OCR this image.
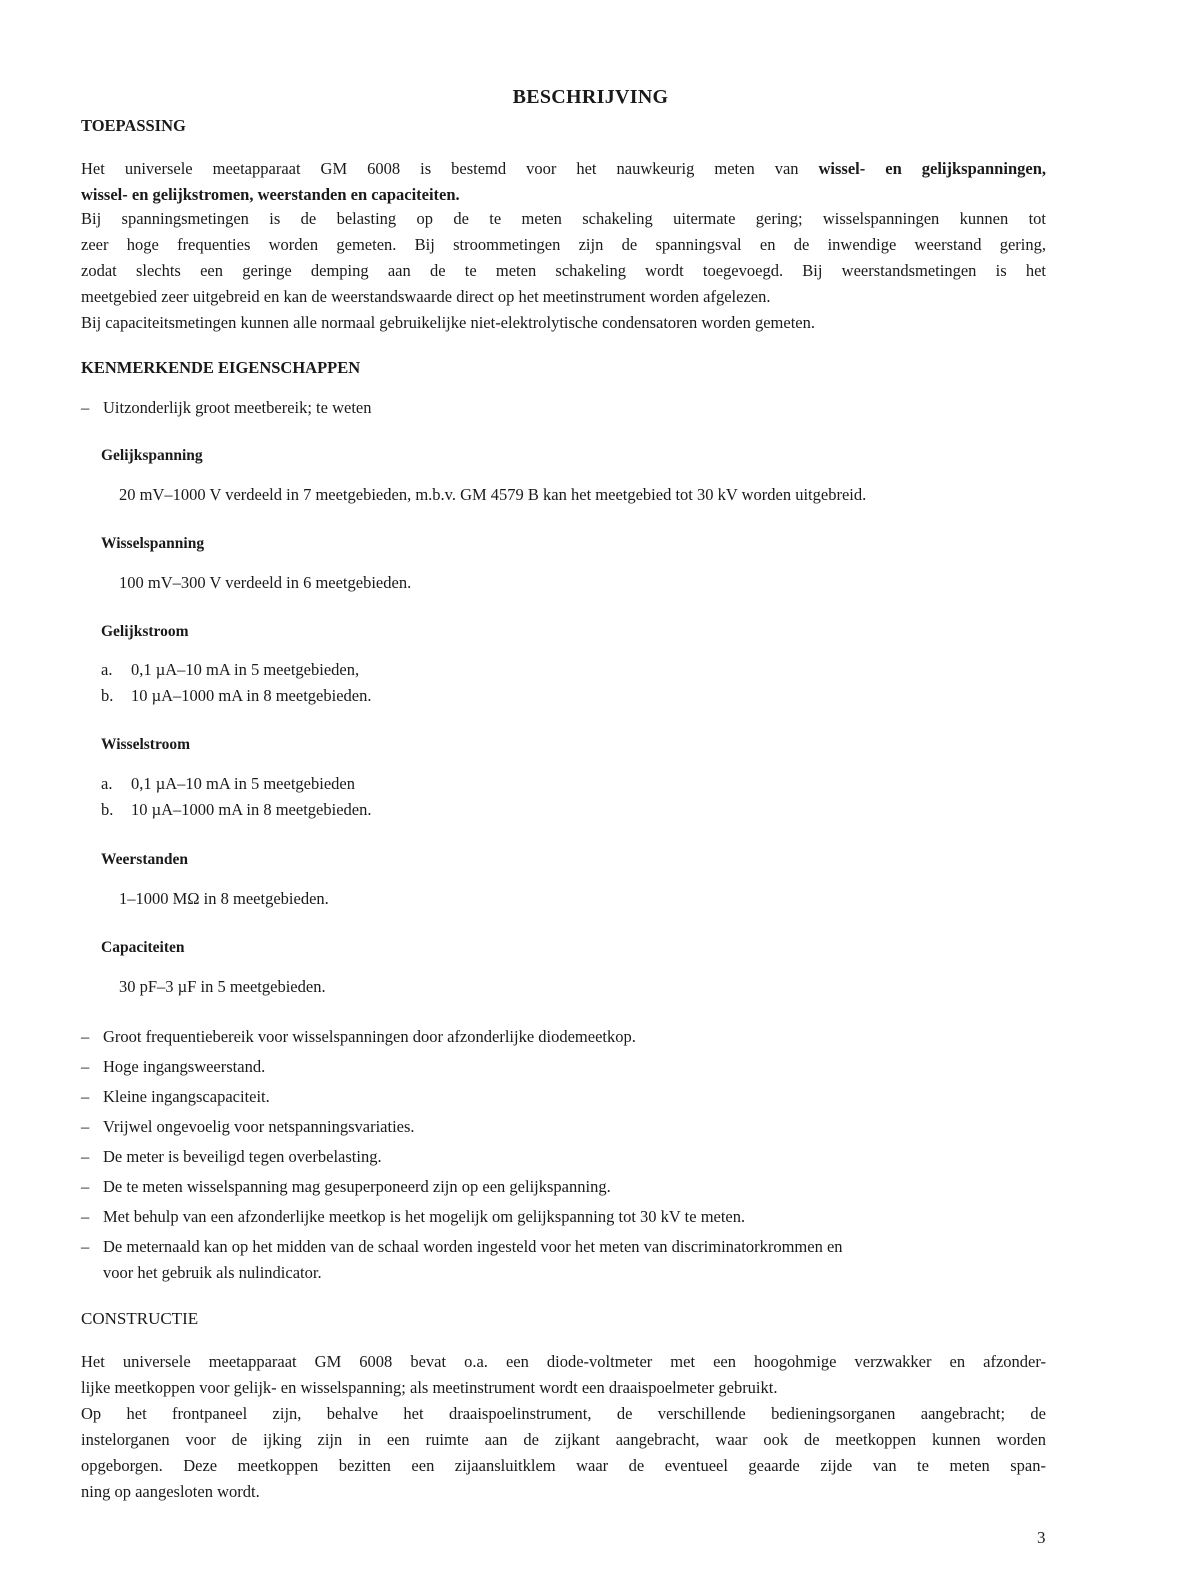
BESCHRIJVING
TOEPASSING
Het universele meetapparaat GM 6008 is bestemd voor het nauwkeurig meten van wissel- en gelijkspanningen,
wissel- en gelijkstromen, weerstanden en capaciteiten.
Bij spanningsmetingen is de belasting op de te meten schakeling uitermate gering; wisselspanningen kunnen tot
zeer hoge frequenties worden gemeten. Bij stroommetingen zijn de spanningsval en de inwendige weerstand gering,
zodat slechts een geringe demping aan de te meten schakeling wordt toegevoegd. Bij weerstandsmetingen is het
meetgebied zeer uitgebreid en kan de weerstandswaarde direct op het meetinstrument worden afgelezen.
Bij capaciteitsmetingen kunnen alle normaal gebruikelijke niet-elektrolytische condensatoren worden gemeten.
KENMERKENDE EIGENSCHAPPEN
– Uitzonderlijk groot meetbereik; te weten
Gelijkspanning
20 mV–1000 V verdeeld in 7 meetgebieden, m.b.v. GM 4579 B kan het meetgebied tot 30 kV worden uitgebreid.
Wisselspanning
100 mV–300 V verdeeld in 6 meetgebieden.
Gelijkstroom
a. 0,1 µA–10 mA in 5 meetgebieden,
b. 10 µA–1000 mA in 8 meetgebieden.
Wisselstroom
a. 0,1 µA–10 mA in 5 meetgebieden
b. 10 µA–1000 mA in 8 meetgebieden.
Weerstanden
1–1000 MΩ in 8 meetgebieden.
Capaciteiten
30 pF–3 µF in 5 meetgebieden.
– Groot frequentiebereik voor wisselspanningen door afzonderlijke diodemeetkop.
– Hoge ingangsweerstand.
– Kleine ingangscapaciteit.
– Vrijwel ongevoelig voor netspanningsvariaties.
– De meter is beveiligd tegen overbelasting.
– De te meten wisselspanning mag gesuperponeerd zijn op een gelijkspanning.
– Met behulp van een afzonderlijke meetkop is het mogelijk om gelijkspanning tot 30 kV te meten.
– De meternaald kan op het midden van de schaal worden ingesteld voor het meten van discriminatorkrommen en
voor het gebruik als nulindicator.
CONSTRUCTIE
Het universele meetapparaat GM 6008 bevat o.a. een diode-voltmeter met een hoogohmige verzwakker en afzonder-
lijke meetkoppen voor gelijk- en wisselspanning; als meetinstrument wordt een draaispoelmeter gebruikt.
Op het frontpaneel zijn, behalve het draaispoelinstrument, de verschillende bedieningsorganen aangebracht; de
instelorganen voor de ijking zijn in een ruimte aan de zijkant aangebracht, waar ook de meetkoppen kunnen worden
opgeborgen. Deze meetkoppen bezitten een zijaansluitklem waar de eventueel geaarde zijde van te meten span-
ning op aangesloten wordt.
3
